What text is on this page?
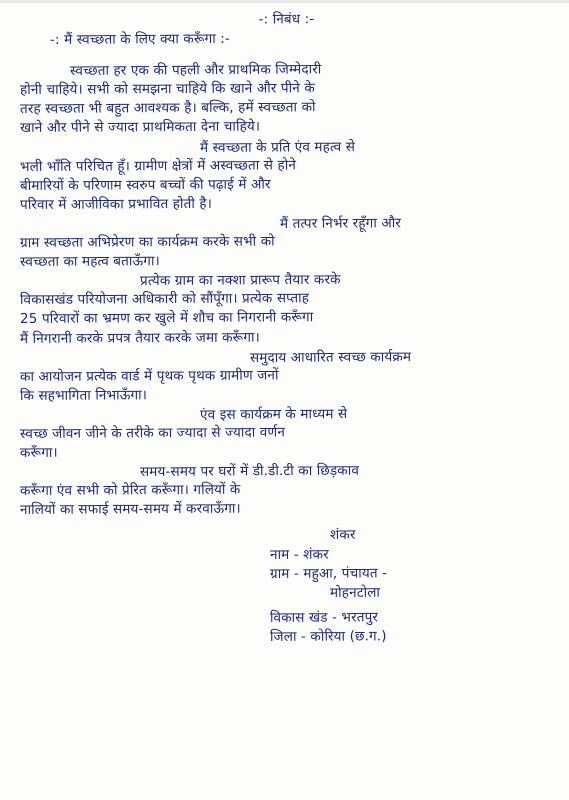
-: निबंध :-
-: मैं स्वच्छता के लिए क्या करूँगा :-
स्वच्छता हर एक की पहली और प्राथमिक जिम्मेदारी
होनी चाहिये। सभी को समझना चाहिये कि खाने और पीने के
तरह स्वच्छता भी बहुत आवश्यक है। बल्कि, हमें स्वच्छता को
खाने और पीने से ज्यादा प्राथमिकता देना चाहिये।
मैं स्वच्छता के प्रति एंव महत्व से
भली भाँति परिचित हूँ। ग्रामीण क्षेत्रों में अस्वच्छता से होने
बीमारियों के परिणाम स्वरुप बच्चों की पढ़ाई में और
परिवार में आजीविका प्रभावित होती है।
मैं तत्पर निर्भर रहूँगा और
ग्राम स्वच्छता अभिप्रेरण का कार्यक्रम करके सभी को
स्वच्छता का महत्व बताऊँगा।
प्रत्येक ग्राम का नक्शा प्रारूप तैयार करके
विकासखंड परियोजना अधिकारी को सौंपूँगा। प्रत्येक सप्ताह
25 परिवारों का भ्रमण कर खुले में शौच का निगरानी करूँगा
मैं निगरानी करके प्रपत्र तैयार करके जमा करूँगा।
समुदाय आधारित स्वच्छ कार्यक्रम
का आयोजन प्रत्येक वार्ड में पृथक पृथक ग्रामीण जनों
कि सहभागिता निभाऊँगा।
एंव इस कार्यक्रम के माध्यम से
स्वच्छ जीवन जीने के तरीके का ज्यादा से ज्यादा वर्णन
करूँगा।
समय-समय पर घरों में डी.डी.टी का छिड़काव
करूँगा एंव सभी को प्रेरित करूँगा। गलियों के
नालियों का सफाई समय-समय में करवाऊँगा।
शंकर
नाम - शंकर
ग्राम - महुआ, पंचायत -
मोहनटोला
विकास खंड - भरतपुर
जिला - कोरिया (छ.ग.)
